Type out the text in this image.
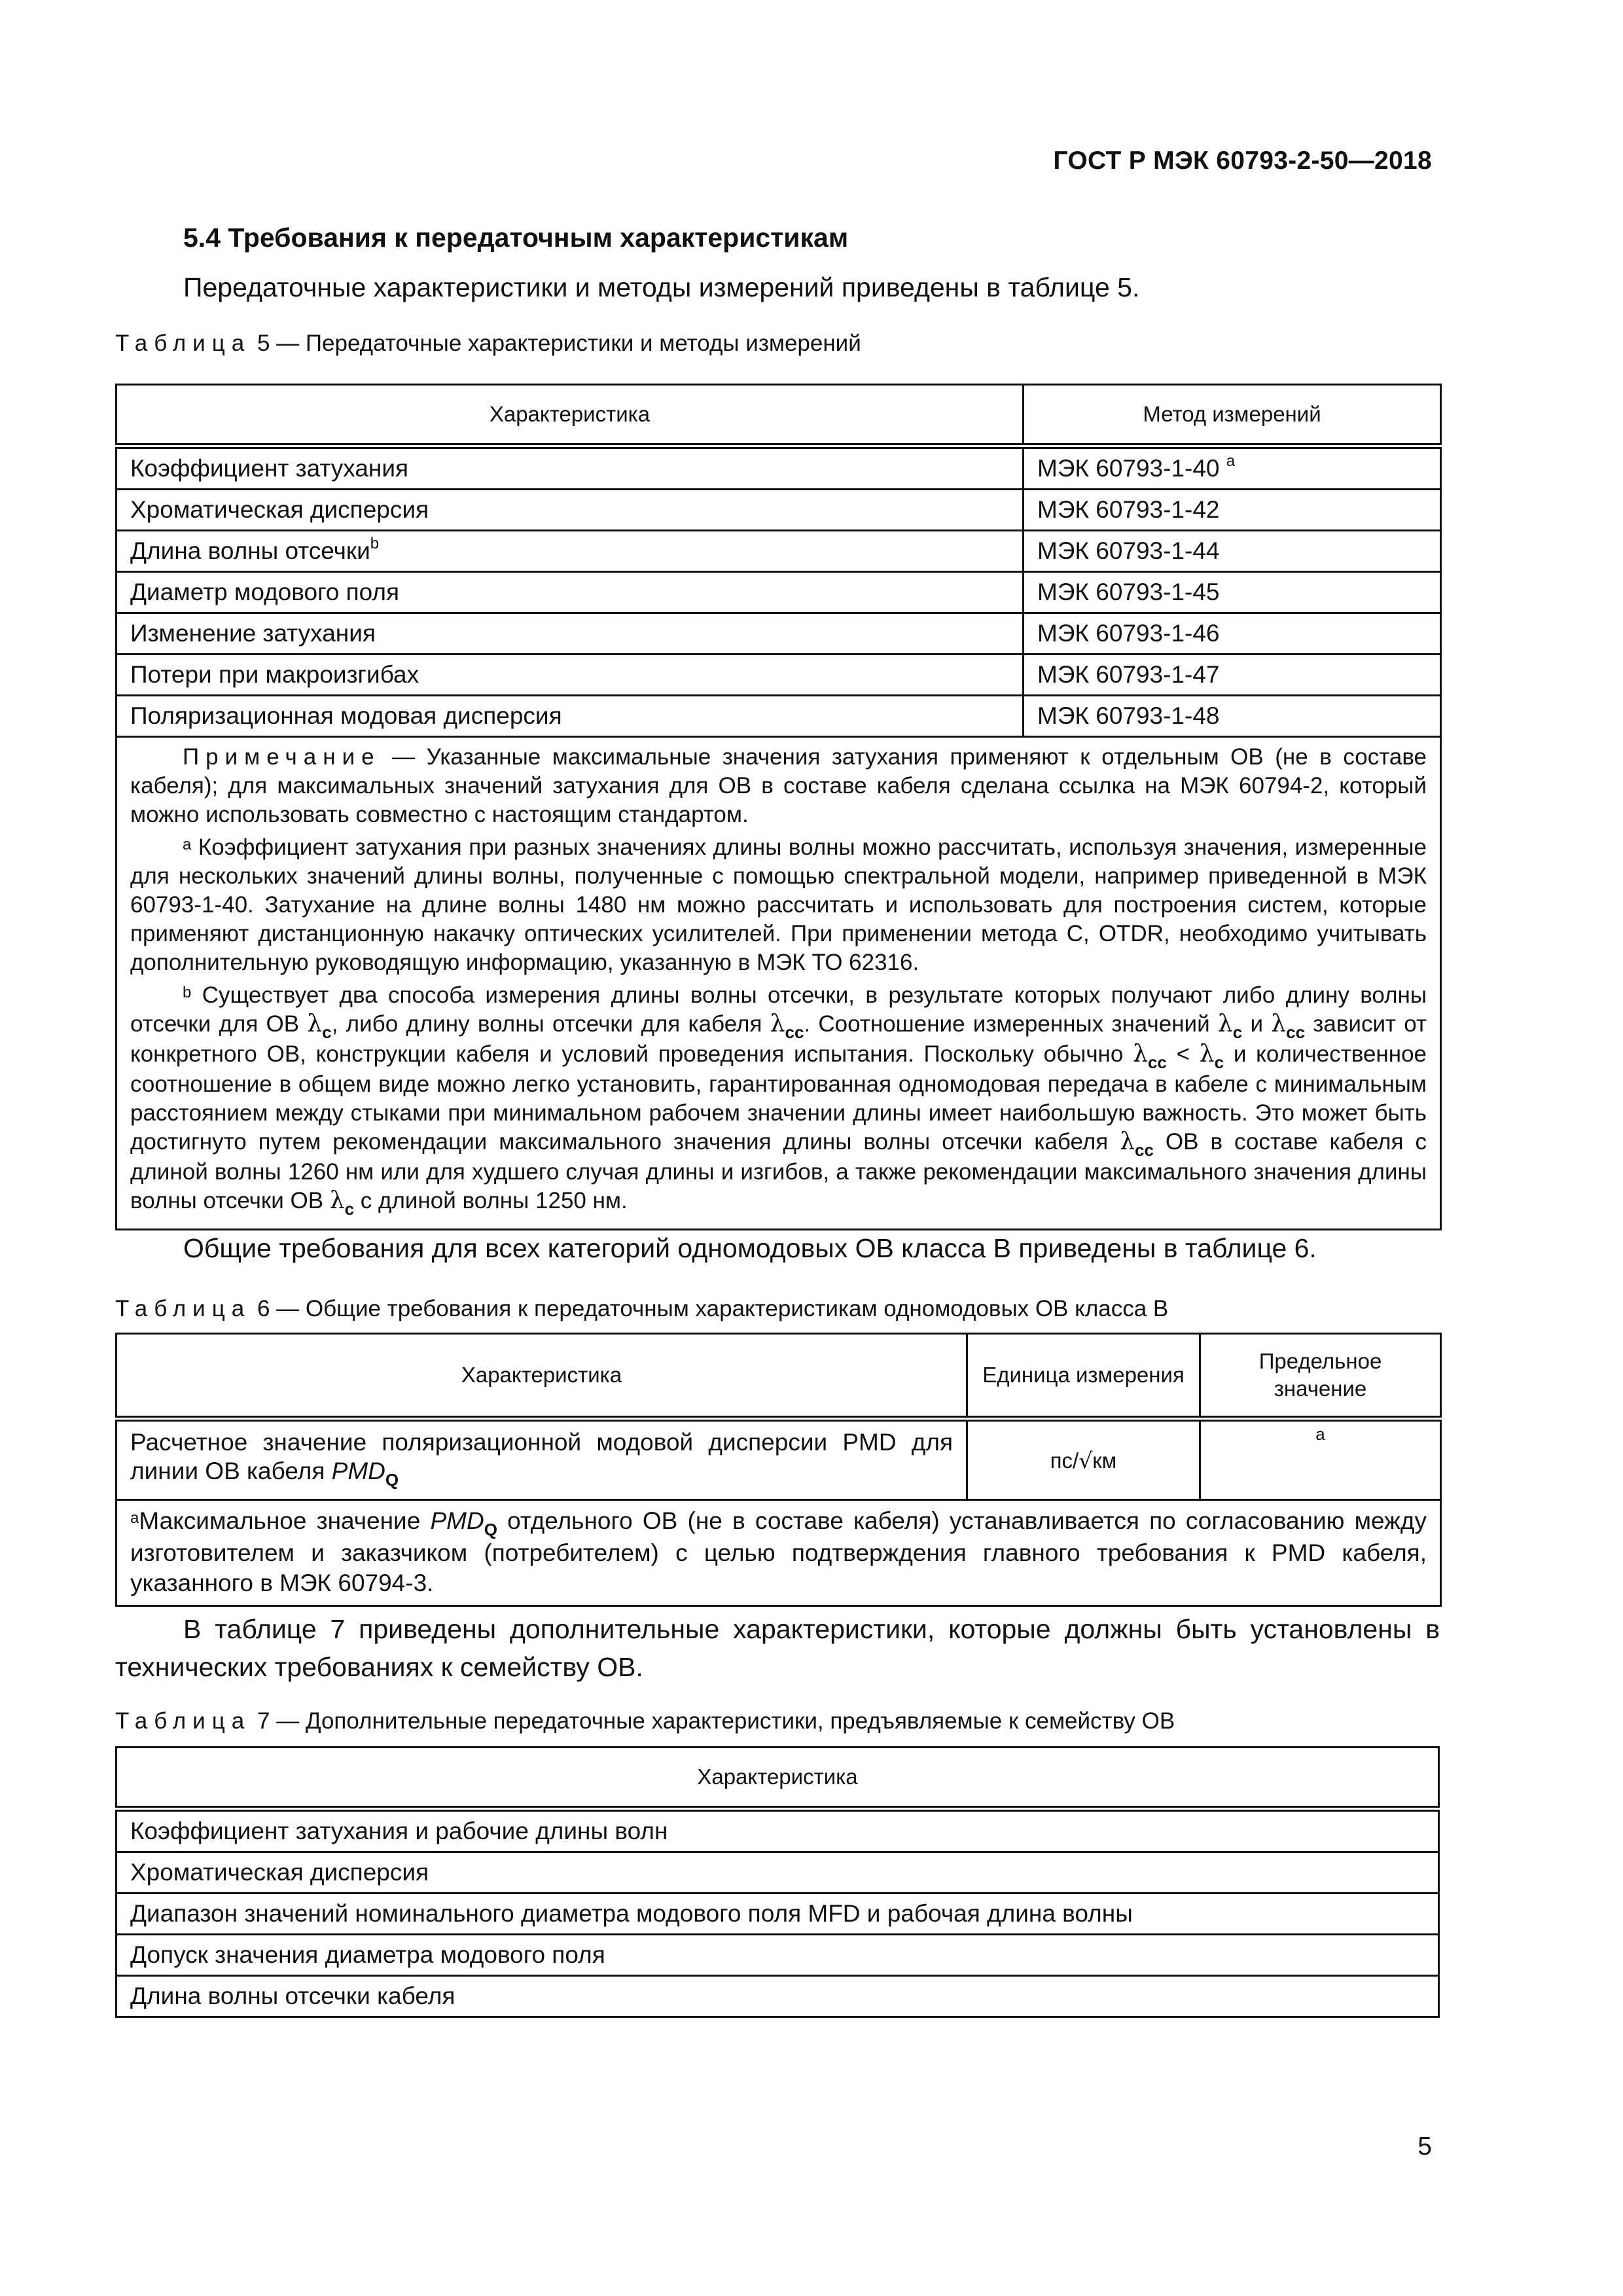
ГОСТ Р МЭК 60793-2-50—2018
5.4 Требования к передаточным характеристикам
Передаточные характеристики и методы измерений приведены в таблице 5.
Таблица 5 — Передаточные характеристики и методы измерений
Характеристика	Метод измерений
Коэффициент затухания	МЭК 60793-1-40 $^a$
Хроматическая дисперсия	МЭК 60793-1-42
Длина волны отсечки$^b$	МЭК 60793-1-44
Диаметр модового поля	МЭК 60793-1-45
Изменение затухания	МЭК 60793-1-46
Потери при макроизгибах	МЭК 60793-1-47
Поляризационная модовая дисперсия	МЭК 60793-1-48

Примечание — Указанные максимальные значения затухания применяют к отдельным ОВ (не в составе кабеля); для максимальных значений затухания для ОВ в составе кабеля сделана ссылка на МЭК 60794-2, который можно использовать совместно с настоящим стандартом.

$^a$ Коэффициент затухания при разных значениях длины волны можно рассчитать, используя значения, измеренные для нескольких значений длины волны, полученные с помощью спектральной модели, например приведенной в МЭК 60793-1-40. Затухание на длине волны 1480 нм можно рассчитать и использовать для построения систем, которые применяют дистанционную накачку оптических усилителей. При применении метода С, OTDR, необходимо учитывать дополнительную руководящую информацию, указанную в МЭК ТО 62316.

$^b$ Существует два способа измерения длины волны отсечки, в результате которых получают либо длину волны отсечки для ОВ $\lambda_c$, либо длину волны отсечки для кабеля $\lambda_{cc}$. Соотношение измеренных значений $\lambda_c$ и $\lambda_{cc}$ зависит от конкретного ОВ, конструкции кабеля и условий проведения испытания. Поскольку обычно $\lambda_{cc} < \lambda_c$ и количественное соотношение в общем виде можно легко установить, гарантированная одномодовая передача в кабеле с минимальным расстоянием между стыками при минимальном рабочем значении длины имеет наибольшую важность. Это может быть достигнуто путем рекомендации максимального значения длины волны отсечки кабеля $\lambda_{cc}$ ОВ в составе кабеля с длиной волны 1260 нм или для худшего случая длины и изгибов, а также рекомендации максимального значения длины волны отсечки ОВ $\lambda_c$ с длиной волны 1250 нм.	

Общие требования для всех категорий одномодовых ОВ класса В приведены в таблице 6.
Таблица 6 — Общие требования к передаточным характеристикам одномодовых ОВ класса В
Характеристика	Единица измерения	Предельное значение
Расчетное значение поляризационной модовой дисперсии PMD для линии ОВ кабеля $PMD_Q$	пс/√км	а
$^а$Максимальное значение $PMD_Q$ отдельного ОВ (не в составе кабеля) устанавливается по согласованию между изготовителем и заказчиком (потребителем) с целью подтверждения главного требования к PMD кабеля, указанного в МЭК 60794-3.		
В таблице 7 приведены дополнительные характеристики, которые должны быть установлены в технических требованиях к семейству ОВ.
Таблица 7 — Дополнительные передаточные характеристики, предъявляемые к семейству ОВ
Характеристика
Коэффициент затухания и рабочие длины волн
Хроматическая дисперсия
Диапазон значений номинального диаметра модового поля MFD и рабочая длина волны
Допуск значения диаметра модового поля
Длина волны отсечки кабеля
5
